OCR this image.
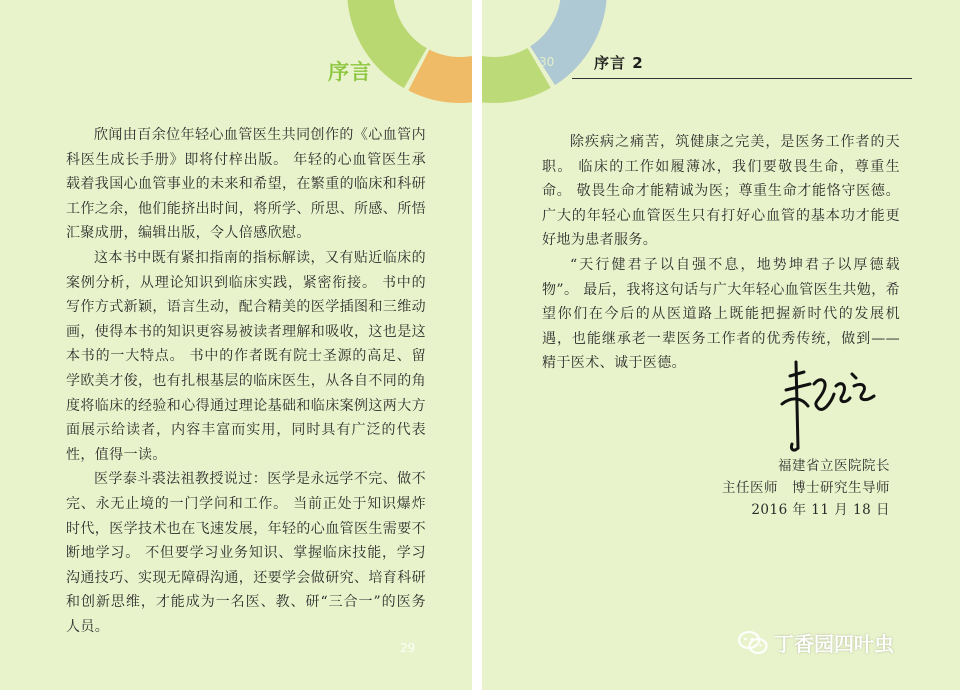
序言

欣闻由百余位年轻心血管医生共同创作的《心血管内科医生成长手册》即将付梓出版。 年轻的心血管医生承载着我国心血管事业的未来和希望，在繁重的临床和科研工作之余，他们能挤出时间，将所学、所思、所感、所悟汇聚成册，编辑出版，令人倍感欣慰。

这本书中既有紧扣指南的指标解读，又有贴近临床的案例分析，从理论知识到临床实践，紧密衔接。 书中的写作方式新颖，语言生动，配合精美的医学插图和三维动画，使得本书的知识更容易被读者理解和吸收，这也是这本书的一大特点。 书中的作者既有院士圣源的高足、留学欧美才俊，也有扎根基层的临床医生，从各自不同的角度将临床的经验和心得通过理论基础和临床案例这两大方面展示给读者，内容丰富而实用，同时具有广泛的代表性，值得一读。

医学泰斗裘法祖教授说过：医学是永远学不完、做不完、永无止境的一门学问和工作。 当前正处于知识爆炸时代，医学技术也在飞速发展，年轻的心血管医生需要不断地学习。 不但要学习业务知识、掌握临床技能，学习沟通技巧、实现无障碍沟通，还要学会做研究、培育科研和创新思维，才能成为一名医、教、研“三合一”的医务人员。

29
30	序言 2

除疾病之痛苦，筑健康之完美，是医务工作者的天职。 临床的工作如履薄冰，我们要敬畏生命，尊重生命。 敬畏生命才能精诚为医；尊重生命才能恪守医德。 广大的年轻心血管医生只有打好心血管的基本功才能更好地为患者服务。

“天行健君子以自强不息，地势坤君子以厚德载物”。 最后，我将这句话与广大年轻心血管医生共勉，希望你们在今后的从医道路上既能把握新时代的发展机遇，也能继承老一辈医务工作者的优秀传统，做到——精于医术、诚于医德。

福建省立医院院长
主任医师　博士研究生导师
2016 年 11 月 18 日
丁香园四叶虫
